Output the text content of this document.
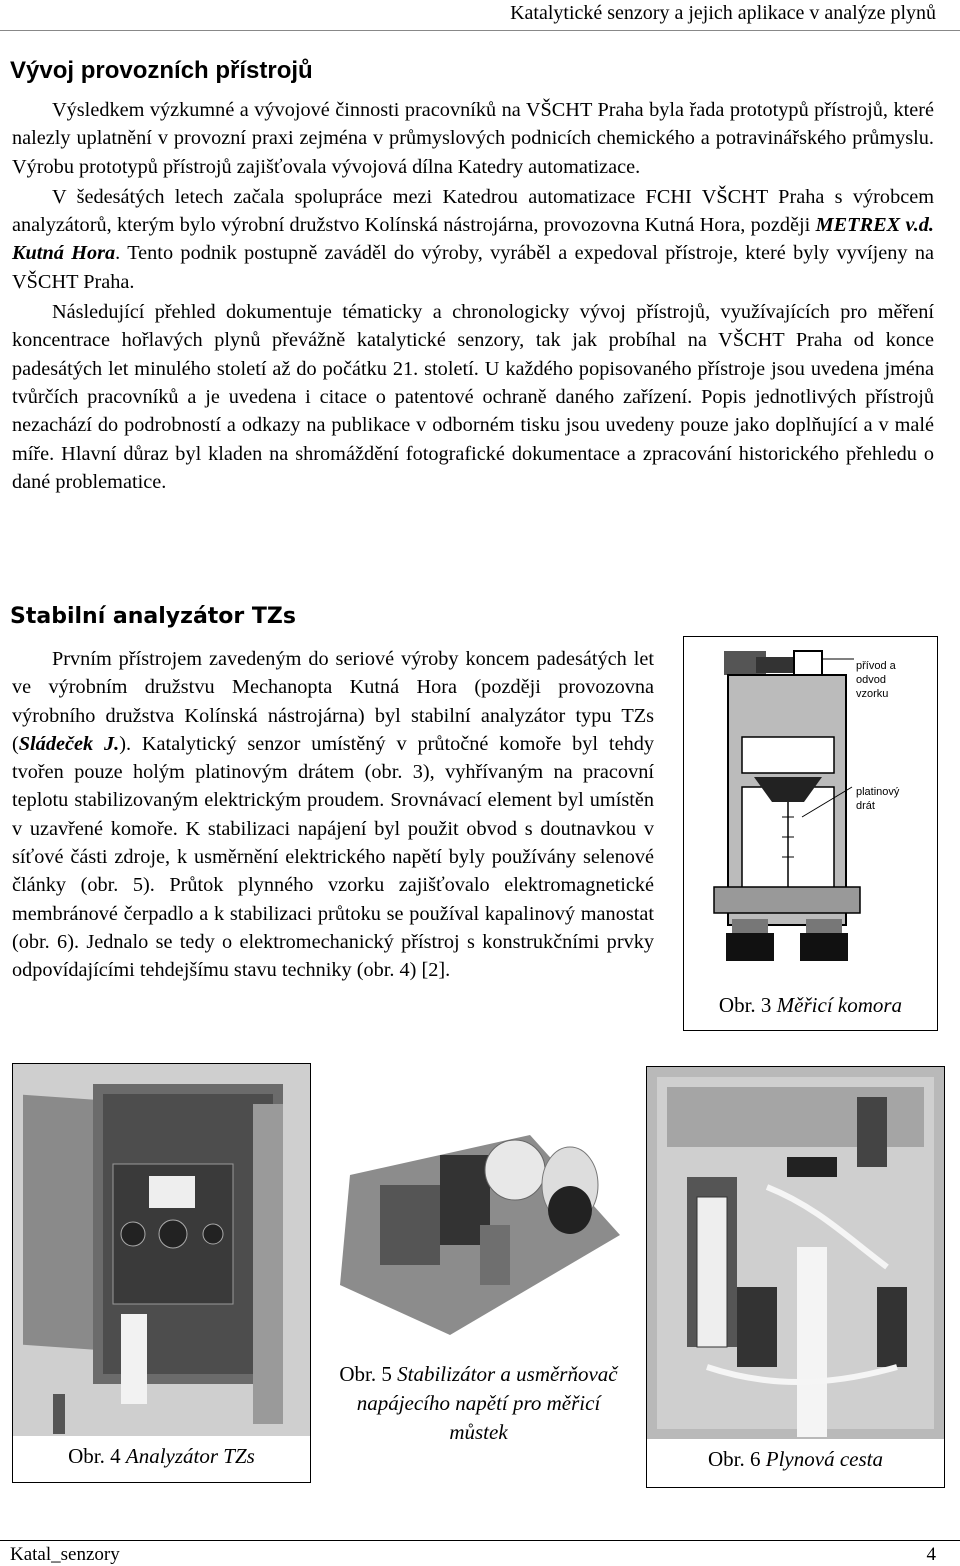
Katalytické senzory a jejich aplikace v analýze plynů
Vývoj provozních přístrojů

Výsledkem výzkumné a vývojové činnosti pracovníků na VŠCHT Praha byla řada prototypů přístrojů, které nalezly uplatnění v provozní praxi zejména v průmyslových podnicích chemického a potravinářského průmyslu. Výrobu prototypů přístrojů zajišťovala vývojová dílna Katedry automatizace.

V šedesátých letech začala spolupráce mezi Katedrou automatizace FCHI VŠCHT Praha s výrobcem analyzátorů, kterým bylo výrobní družstvo Kolínská nástrojárna, provozovna Kutná Hora, později METREX v.d. Kutná Hora. Tento podnik postupně zaváděl do výroby, vyráběl a expedoval přístroje, které byly vyvíjeny na VŠCHT Praha.

Následující přehled dokumentuje tématicky a chronologicky vývoj přístrojů, využívajících pro měření koncentrace hořlavých plynů převážně katalytické senzory, tak jak probíhal na VŠCHT Praha od konce padesátých let minulého století až do počátku 21. století. U každého popisovaného přístroje jsou uvedena jména tvůrčích pracovníků a je uvedena i citace o patentové ochraně daného zařízení. Popis jednotlivých přístrojů nezachází do podrobností a odkazy na publikace v odborném tisku jsou uvedeny pouze jako doplňující a v malé míře. Hlavní důraz byl kladen na shromáždění fotografické dokumentace a zpracování historického přehledu o dané problematice.

Stabilní analyzátor TZs

Prvním přístrojem zavedeným do seriové výroby koncem padesátých let ve výrobním družstvu Mechanopta Kutná Hora (později provozovna výrobního družstva Kolínská nástrojárna) byl stabilní analyzátor typu TZs (Sládeček J.). Katalytický senzor umístěný v průtočné komoře byl tehdy tvořen pouze holým platinovým drátem (obr. 3), vyhřívaným na pracovní teplotu stabilizovaným elektrickým proudem. Srovnávací element byl umístěn v uzavřené komoře. K stabilizaci napájení byl použit obvod s doutnavkou v síťové části zdroje, k usměrnění elektrického napětí byly používány selenové články (obr. 5). Průtok plynného vzorku zajišťovalo elektromagnetické membránové čerpadlo a k stabilizaci průtoku se používal kapalinový manostat (obr. 6). Jednalo se tedy o elektromechanický přístroj s konstrukčními prvky odpovídajícími tehdejšímu stavu techniky (obr. 4) [2].

přívod a
odvod
vzorku
platinový
drát
Obr. 3 Měřicí komora
Obr. 4 Analyzátor TZs
Obr. 5 Stabilizátor a usměrňovač napájecího napětí pro měřicí můstek
Obr. 6 Plynová cesta
Katal_senzory	4
